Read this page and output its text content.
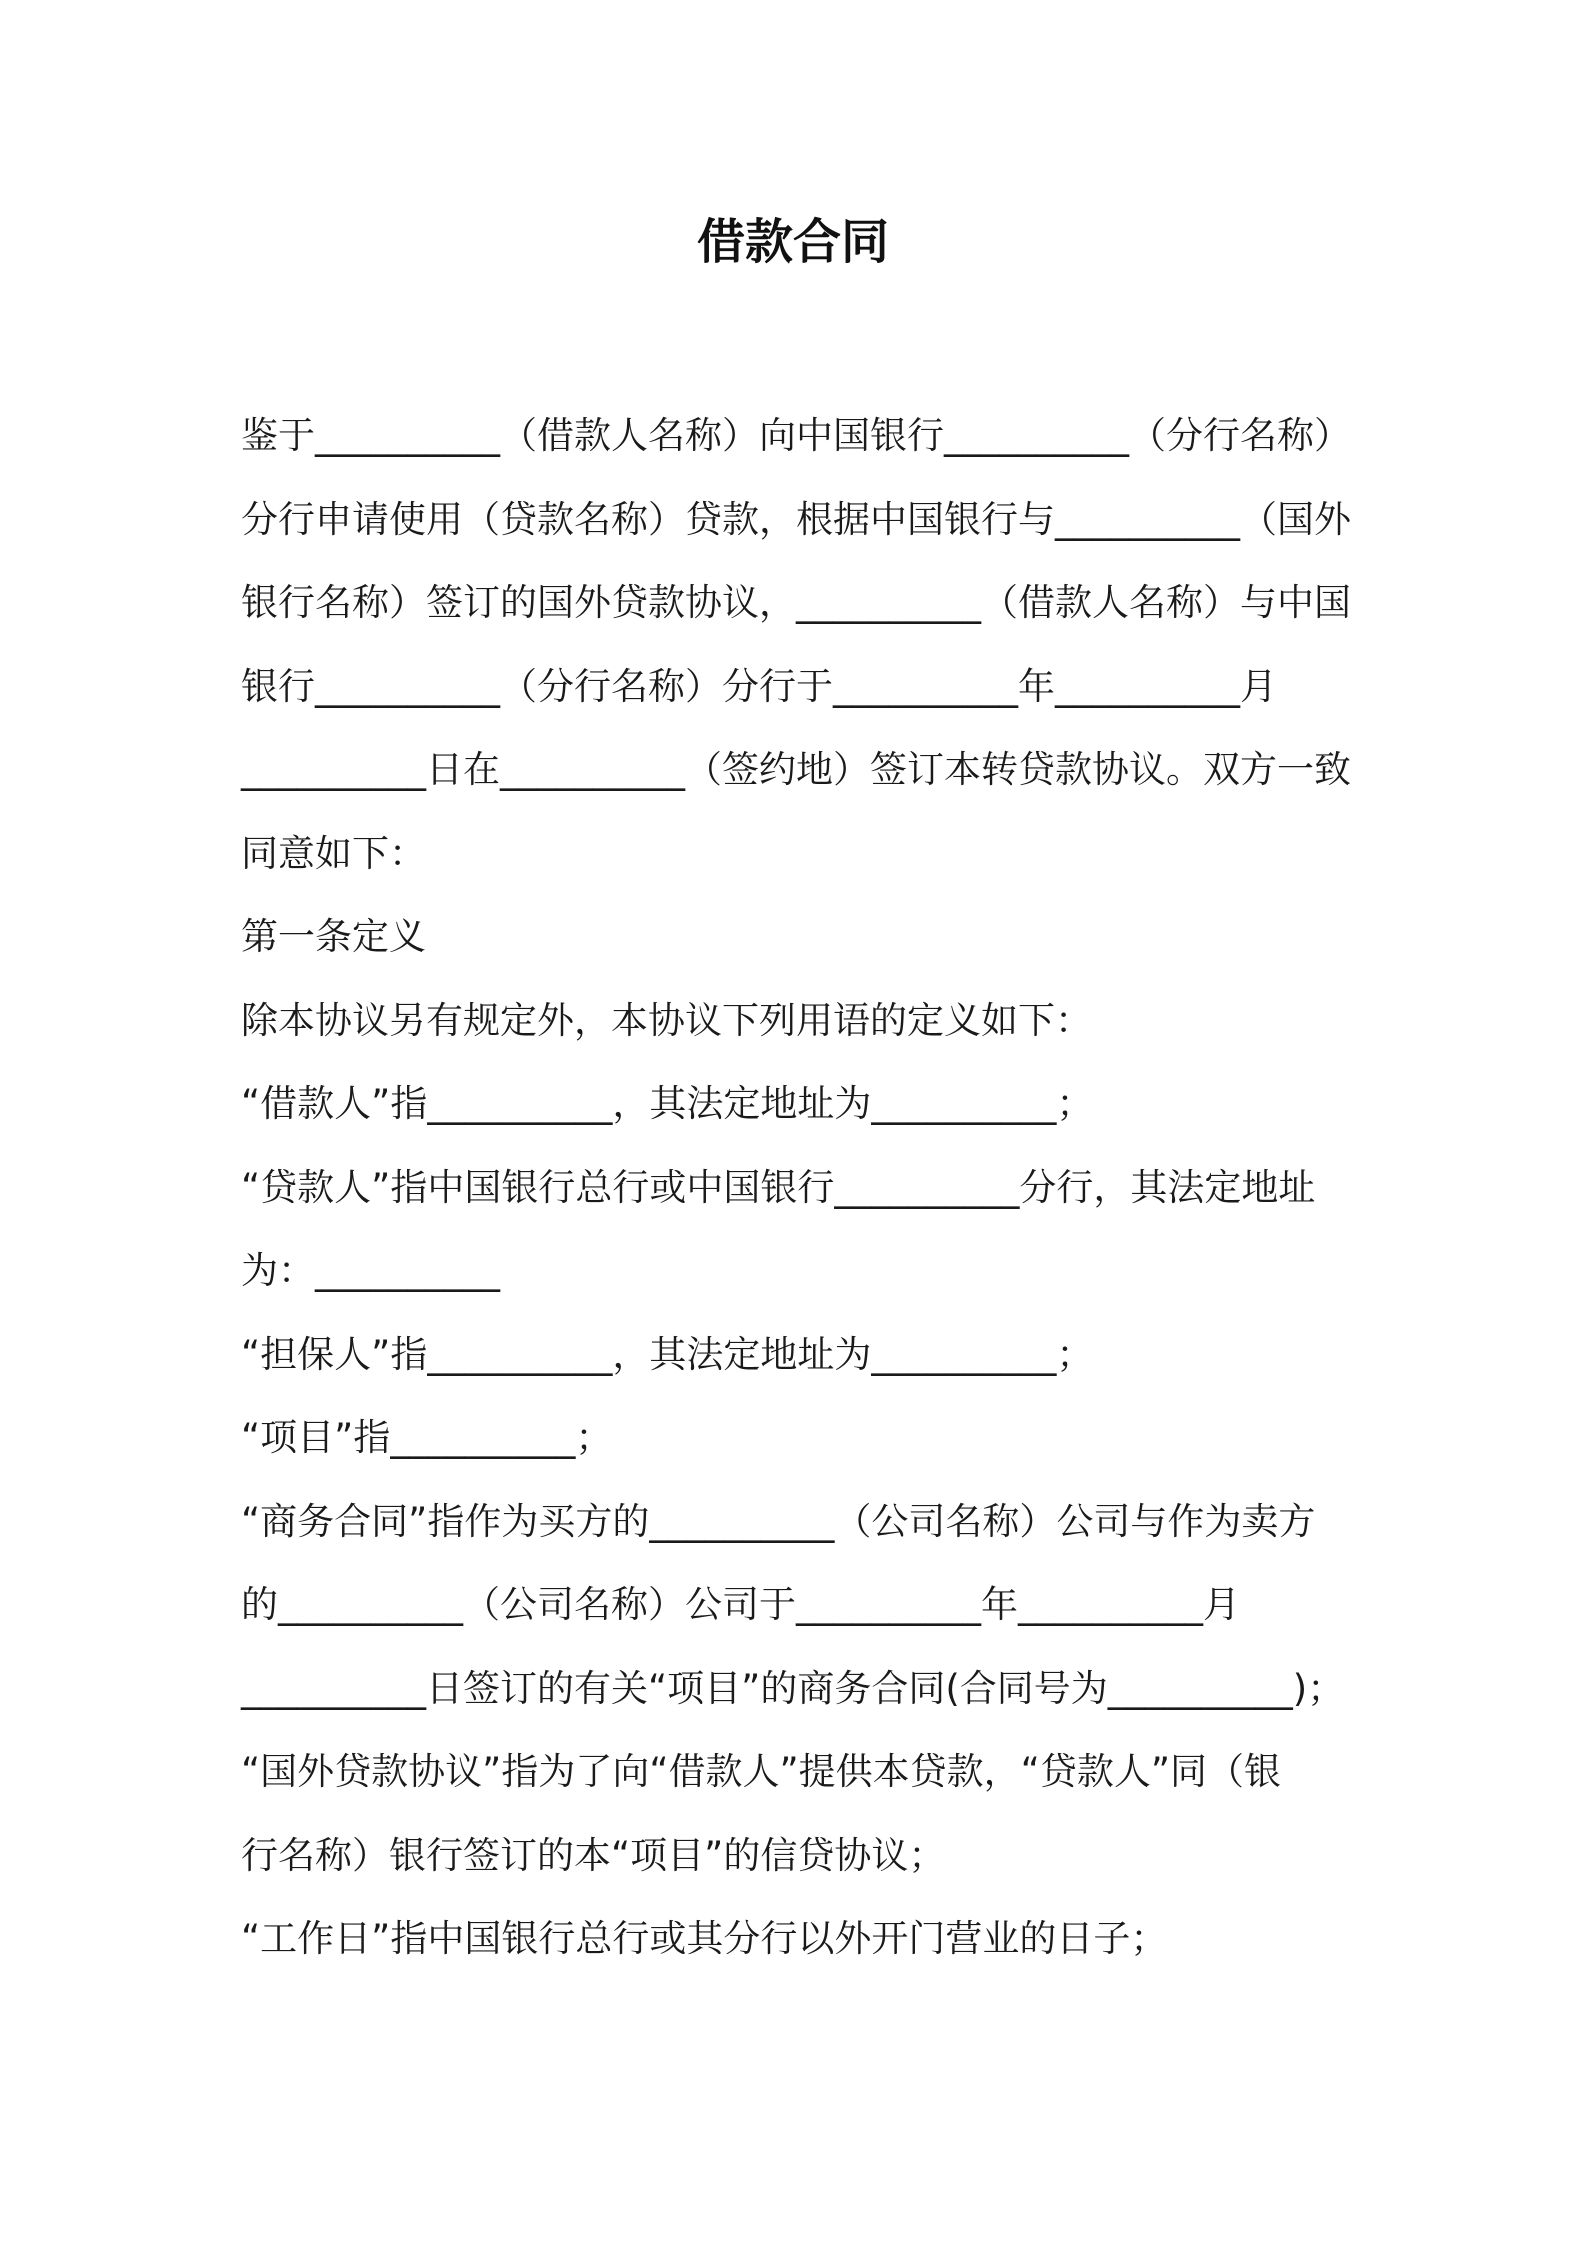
借款合同

鉴于__________（借款人名称）向中国银行__________（分行名称）

分行申请使用（贷款名称）贷款，根据中国银行与__________（国外

银行名称）签订的国外贷款协议，__________（借款人名称）与中国

银行__________（分行名称）分行于__________年__________月

__________日在__________（签约地）签订本转贷款协议。双方一致

同意如下：

第一条定义

除本协议另有规定外，本协议下列用语的定义如下：

“借款人”指__________，其法定地址为__________；

“贷款人”指中国银行总行或中国银行__________分行，其法定地址

为：__________

“担保人”指__________，其法定地址为__________；

“项目”指__________；

“商务合同”指作为买方的__________（公司名称）公司与作为卖方

的__________（公司名称）公司于__________年__________月

__________日签订的有关“项目”的商务合同(合同号为__________)；

“国外贷款协议”指为了向“借款人”提供本贷款，“贷款人”同（银

行名称）银行签订的本“项目”的信贷协议；

“工作日”指中国银行总行或其分行以外开门营业的日子；
